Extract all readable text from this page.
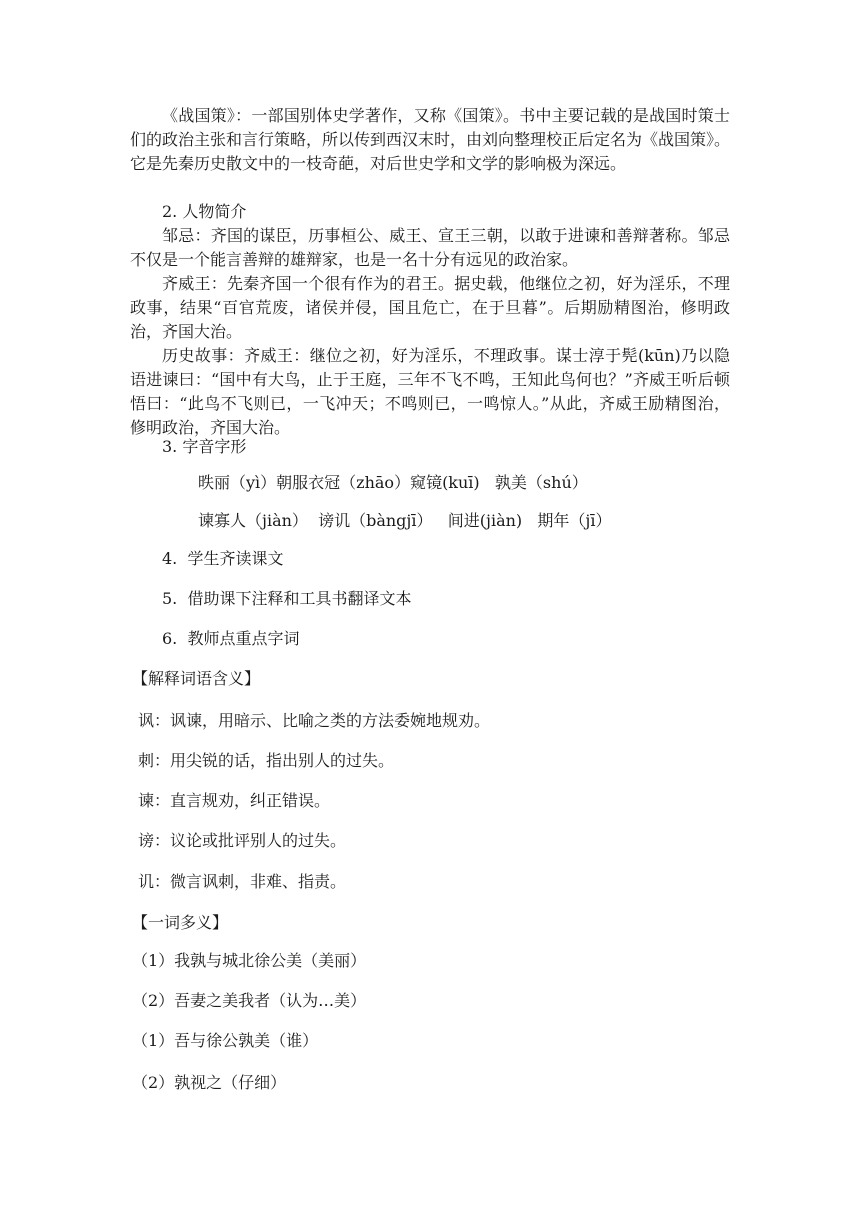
《战国策》：一部国别体史学著作，又称《国策》。书中主要记载的是战国时策士们的政治主张和言行策略，所以传到西汉末时，由刘向整理校正后定名为《战国策》。它是先秦历史散文中的一枝奇葩，对后世史学和文学的影响极为深远。

2. 人物简介

邹忌：齐国的谋臣，历事桓公、威王、宣王三朝，以敢于进谏和善辩著称。邹忌不仅是一个能言善辩的雄辩家，也是一名十分有远见的政治家。

齐威王：先秦齐国一个很有作为的君王。据史载，他继位之初，好为淫乐，不理政事，结果“百官荒废，诸侯并侵，国且危亡，在于旦暮”。后期励精图治，修明政治，齐国大治。

历史故事：齐威王：继位之初，好为淫乐，不理政事。谋士淳于髡(kūn)乃以隐语进谏曰：“国中有大鸟，止于王庭，三年不飞不鸣，王知此鸟何也？”齐威王听后顿悟曰：“此鸟不飞则已，一飞冲天；不鸣则已，一鸣惊人。”从此，齐威王励精图治，修明政治，齐国大治。

3. 字音字形

昳丽（yì）朝服衣冠（zhāo）窥镜(kuī)   孰美（shú）

谏寡人（jiàn）  谤讥（bàngjī）   间进(jiàn)   期年（jī）

4.  学生齐读课文

5.  借助课下注释和工具书翻译文本

6.  教师点重点字词

【解释词语含义】

讽：讽谏，用暗示、比喻之类的方法委婉地规劝。

刺：用尖锐的话，指出别人的过失。

谏：直言规劝，纠正错误。

谤：议论或批评别人的过失。

讥：微言讽刺，非难、指责。

【一词多义】

（1）我孰与城北徐公美（美丽）

（2）吾妻之美我者（认为…美）

（1）吾与徐公孰美（谁）

（2）孰视之（仔细）
